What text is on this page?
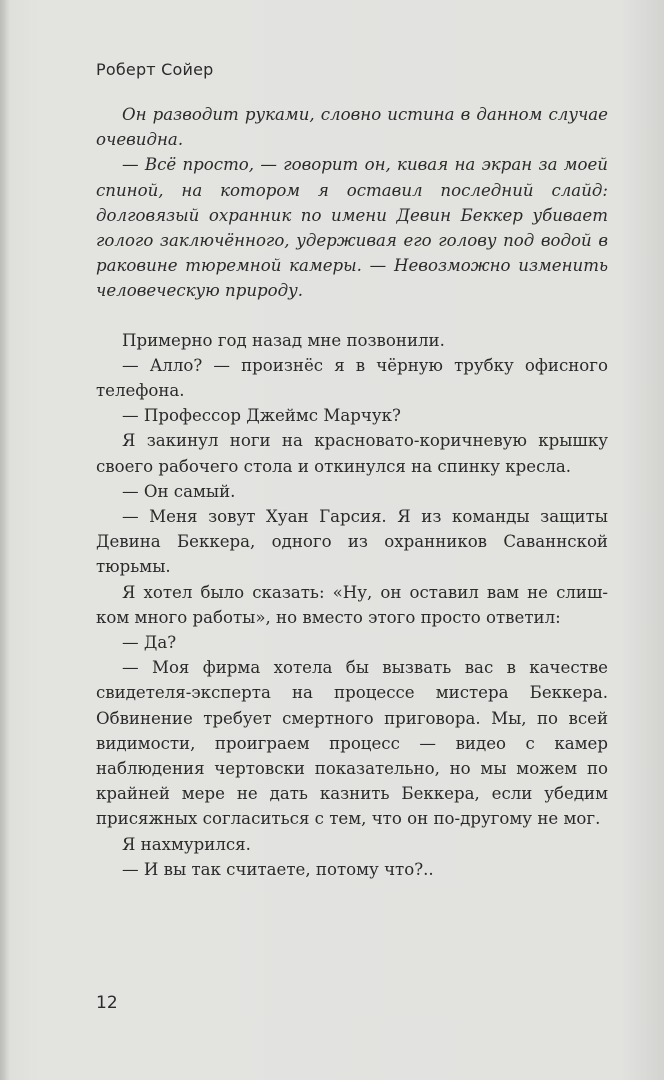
Роберт Сойер

Он разводит руками, словно истина в данном случае очевидна.

— Всё просто, — говорит он, кивая на экран за моей спиной, на котором я оставил последний слайд: долговязый охранник по имени Девин Беккер убивает голого заключённого, удерживая его голову под водой в раковине тюремной камеры. — Невозможно изменить человеческую природу.

Примерно год назад мне позвонили.

— Алло? — произнёс я в чёрную трубку офисного телефона.

— Профессор Джеймс Марчук?

Я закинул ноги на красновато-коричневую крышку своего рабочего стола и откинулся на спинку кресла.

— Он самый.

— Меня зовут Хуан Гарсия. Я из команды защиты Девина Беккера, одного из охранников Саваннской тюрьмы.

Я хотел было сказать: «Ну, он оставил вам не слишком много работы», но вместо этого просто ответил:

— Да?

— Моя фирма хотела бы вызвать вас в качестве свидетеля-эксперта на процессе мистера Беккера. Обвинение требует смертного приговора. Мы, по всей видимости, проиграем процесс — видео с камер наблюдения чертовски показательно, но мы можем по крайней мере не дать казнить Беккера, если убедим присяжных согласиться с тем, что он по-другому не мог.

Я нахмурился.

— И вы так считаете, потому что?..

12
